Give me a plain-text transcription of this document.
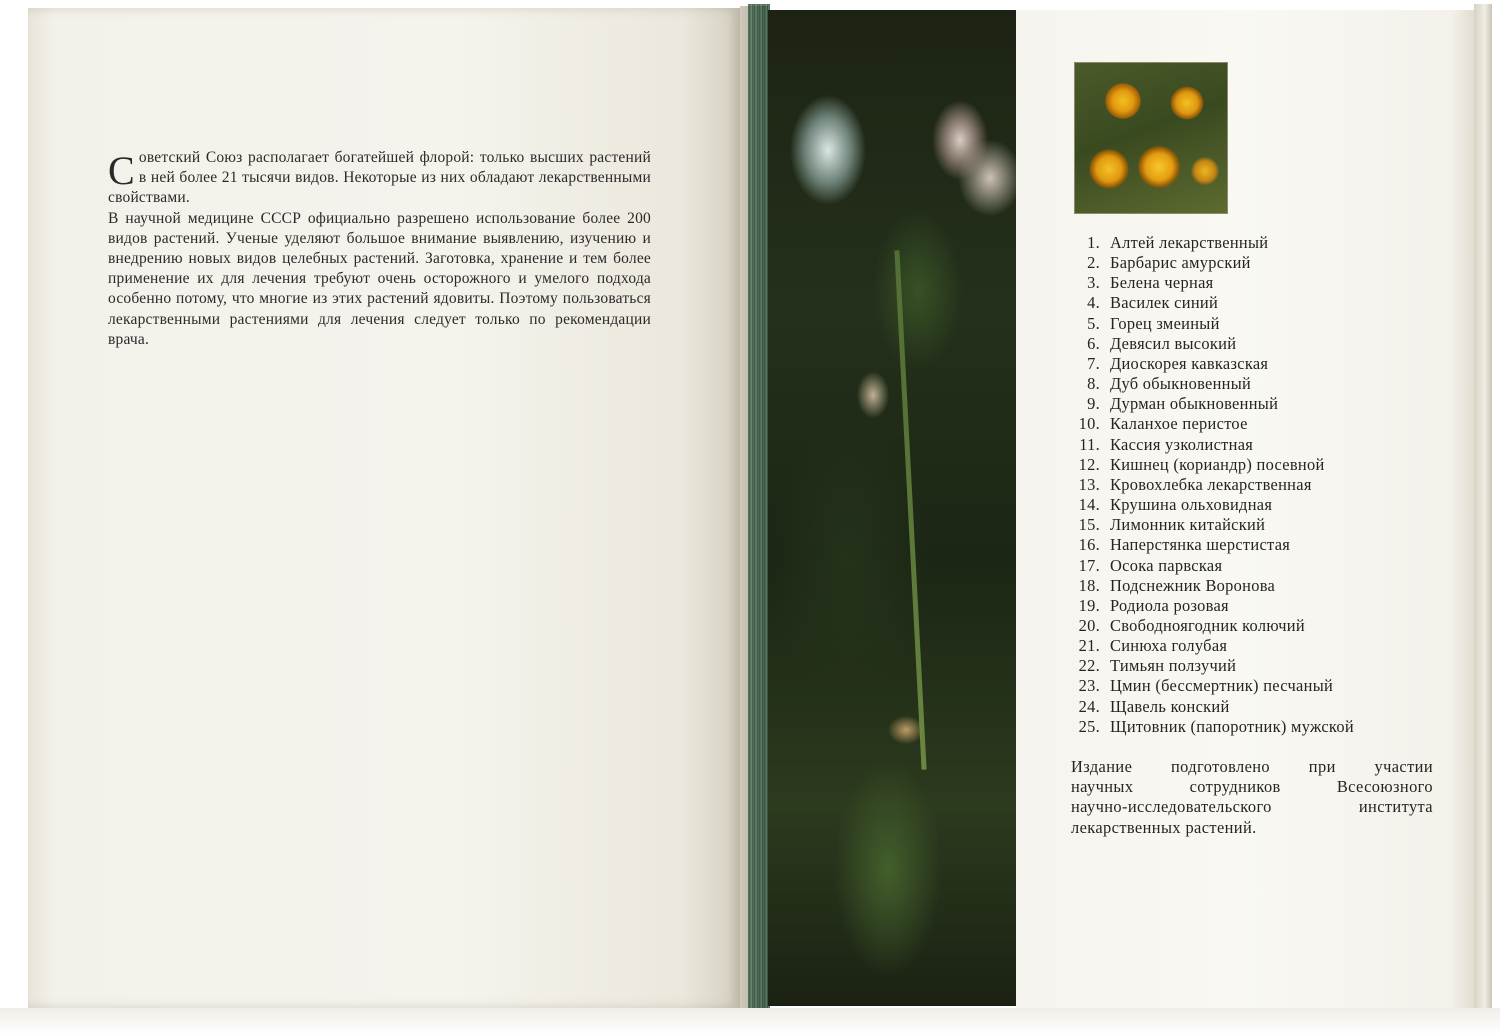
Советский Союз располагает богатейшей флорой: только высших растений в ней более 21 тысячи видов. Некоторые из них обладают лекарственными свойствами.

В научной медицине СССР официально разрешено использование более 200 видов растений. Ученые уделяют большое внимание выявлению, изучению и внедрению новых видов целебных растений. Заготовка, хранение и тем более применение их для лечения требуют очень осторожного и умелого подхода особенно потому, что многие из этих растений ядовиты. Поэтому пользоваться лекарственными растениями для лечения следует только по рекомендации врача.

1. Алтей лекарственный
2. Барбарис амурский
3. Белена черная
4. Василек синий
5. Горец змеиный
6. Девясил высокий
7. Диоскорея кавказская
8. Дуб обыкновенный
9. Дурман обыкновенный
10. Каланхое перистое
11. Кассия узколистная
12. Кишнец (кориандр) посевной
13. Кровохлебка лекарственная
14. Крушина ольховидная
15. Лимонник китайский
16. Наперстянка шерстистая
17. Осока парвская
18. Подснежник Воронова
19. Родиола розовая
20. Свободноягодник колючий
21. Синюха голубая
22. Тимьян ползучий
23. Цмин (бессмертник) песчаный
24. Щавель конский
25. Щитовник (папоротник) мужской

Издание подготовлено при участии
научных сотрудников Всесоюзного
научно-исследовательского института
лекарственных растений.
